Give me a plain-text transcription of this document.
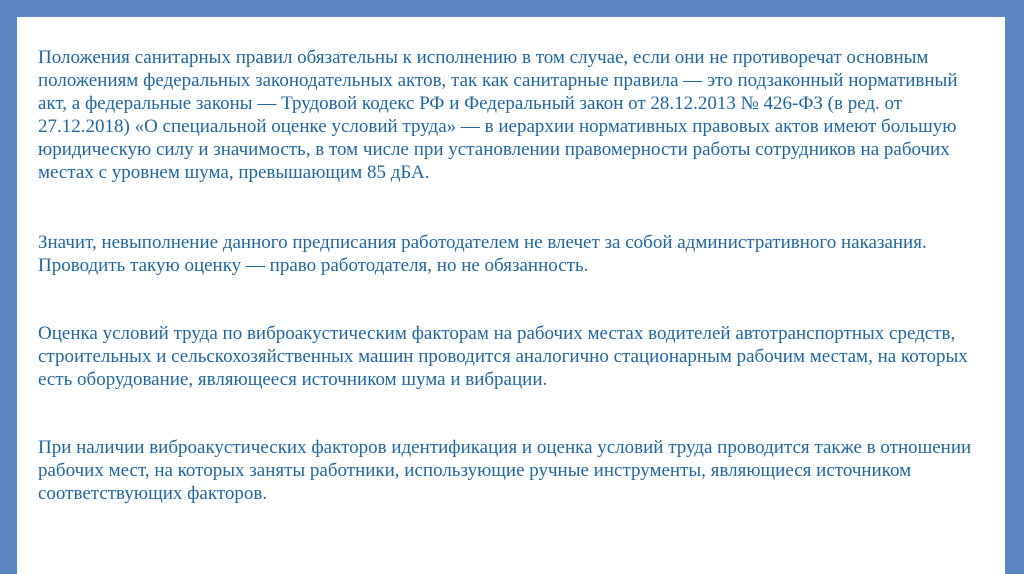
Положения санитарных правил обязательны к исполнению в том случае, если они не противоречат основным положениям федеральных законодательных актов, так как санитарные правила — это подзаконный нормативный акт, а федеральные законы — Трудовой кодекс РФ и Федеральный закон от 28.12.2013 № 426-ФЗ (в ред. от 27.12.2018) «О специальной оценке условий труда» — в иерархии нормативных правовых актов имеют большую юридическую силу и значимость, в том числе при установлении правомерности работы сотрудников на рабочих местах с уровнем шума, превышающим 85 дБА.

Значит, невыполнение данного предписания работодателем не влечет за собой административного наказания. Проводить такую оценку — право работодателя, но не обязанность.

Оценка условий труда по виброакустическим факторам на рабочих местах водителей автотранспортных средств, строительных и сельскохозяйственных машин проводится аналогично стационарным рабочим местам, на которых есть оборудование, являющееся источником шума и вибрации.

При наличии виброакустических факторов идентификация и оценка условий труда проводится также в отношении рабочих мест, на которых заняты работники, использующие ручные инструменты, являющиеся источником соответствующих факторов.
